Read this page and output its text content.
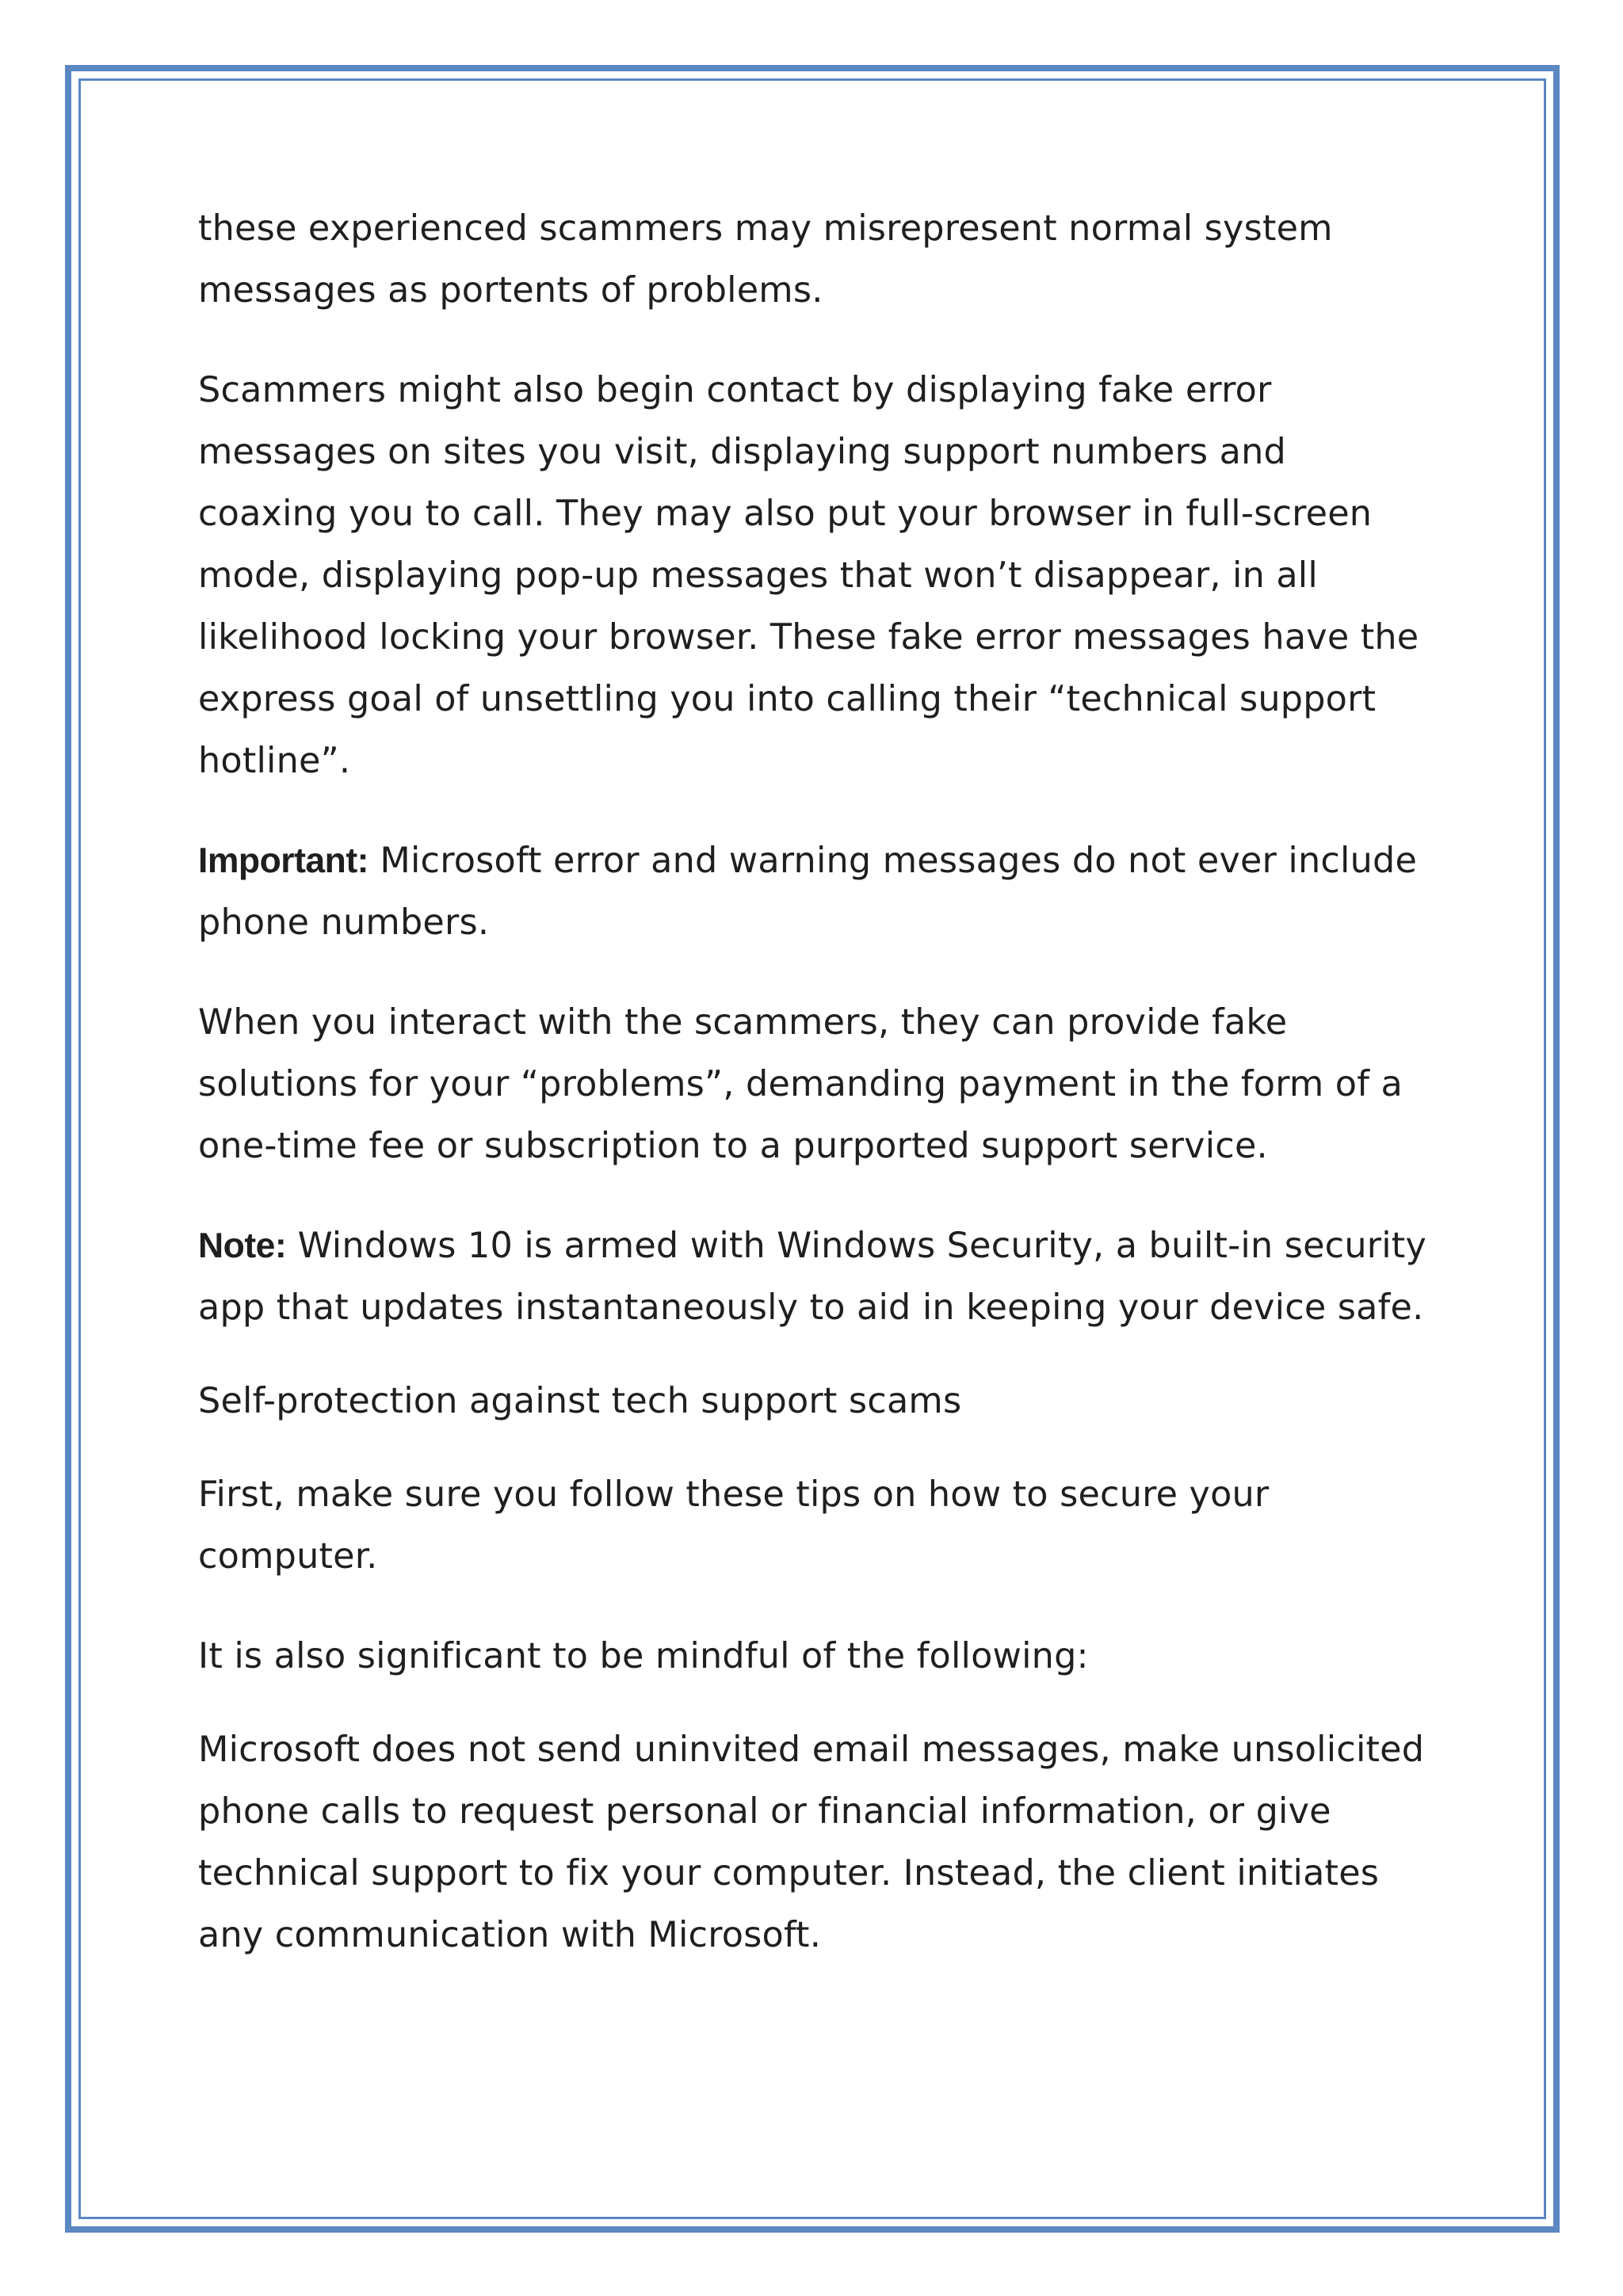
these experienced scammers may misrepresent normal system messages as portents of problems.

Scammers might also begin contact by displaying fake error messages on sites you visit, displaying support numbers and coaxing you to call. They may also put your browser in full-screen mode, displaying pop-up messages that won’t disappear, in all likelihood locking your browser. These fake error messages have the express goal of unsettling you into calling their “technical support hotline”.

Important: Microsoft error and warning messages do not ever include phone numbers.

When you interact with the scammers, they can provide fake solutions for your “problems”, demanding payment in the form of a one-time fee or subscription to a purported support service.

Note: Windows 10 is armed with Windows Security, a built-in security app that updates instantaneously to aid in keeping your device safe.

Self-protection against tech support scams

First, make sure you follow these tips on how to secure your computer.

It is also significant to be mindful of the following:

Microsoft does not send uninvited email messages, make unsolicited phone calls to request personal or financial information, or give technical support to fix your computer. Instead, the client initiates any communication with Microsoft.
